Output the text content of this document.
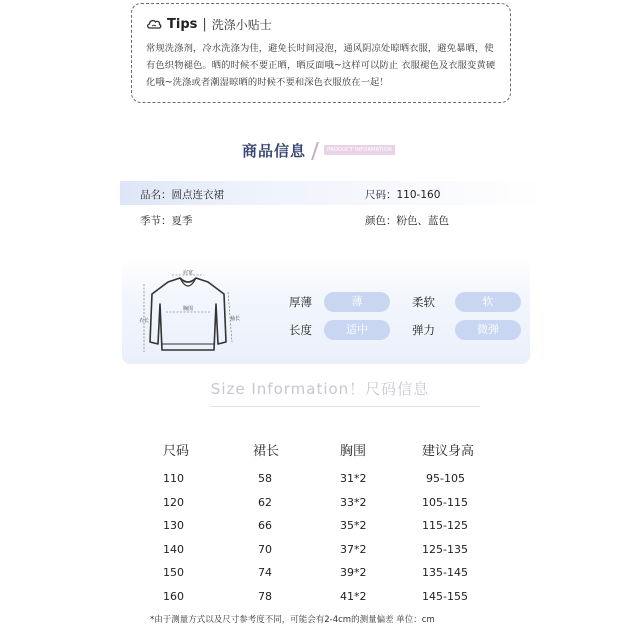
Tips | 洗涤小贴士
常规洗涤剂，冷水洗涤为佳，避免长时间浸泡，通风阴凉处晾晒衣服，避免暴晒，使
有色织物褪色。晒的时候不要正晒，晒反面哦~这样可以防止 衣服褪色及衣服变黄硬
化哦~洗涤或者潮湿晾晒的时候不要和深色衣服放在一起！
商品信息	PRODUCT INFORMATION
品名：圆点连衣裙	尺码：110-160
季节：夏季	颜色：粉色、蓝色
肩宽
胸围
衣长	袖长
厚薄	薄	柔软	软
长度	适中	弹力	微弹
Size Information！尺码信息
尺码	裙长	胸围	建议身高
110	58	31*2	95-105
120	62	33*2	105-115
130	66	35*2	115-125
140	70	37*2	125-135
150	74	39*2	135-145
160	78	41*2	145-155
*由于测量方式以及尺寸参考度不同，可能会有2-4cm的测量偏差 单位：cm
